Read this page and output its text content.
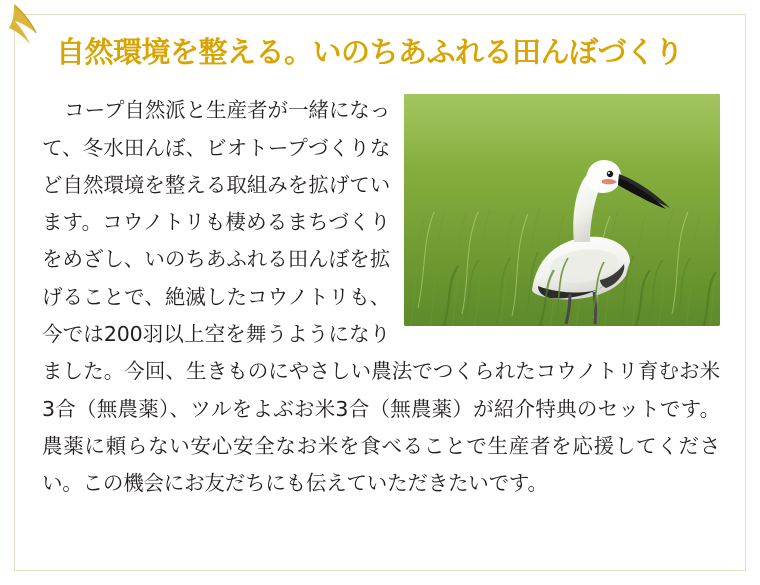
自然環境を整える。いのちあふれる田んぼづくり

コープ自然派と生産者が一緒になって、冬水田んぼ、ビオトープづくりなど自然環境を整える取組みを拡げています。コウノトリも棲めるまちづくりをめざし、いのちあふれる田んぼを拡げることで、絶滅したコウノトリも、今では200羽以上空を舞うようになりました。今回、生きものにやさしい農法でつくられたコウノトリ育むお米3合（無農薬）、ツルをよぶお米3合（無農薬）が紹介特典のセットです。農薬に頼らない安心安全なお米を食べることで生産者を応援してください。この機会にお友だちにも伝えていただきたいです。
